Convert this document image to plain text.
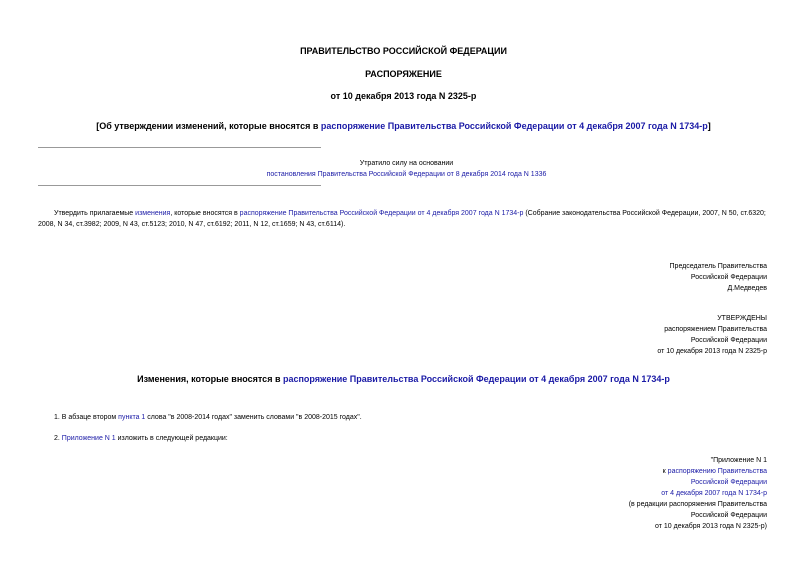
ПРАВИТЕЛЬСТВО РОССИЙСКОЙ ФЕДЕРАЦИИ
РАСПОРЯЖЕНИЕ
от 10 декабря 2013 года N 2325-р
[Об утверждении изменений, которые вносятся в распоряжение Правительства Российской Федерации от 4 декабря 2007 года N 1734-р]
Утратило силу на основании
постановления Правительства Российской Федерации от 8 декабря 2014 года N 1336
Утвердить прилагаемые изменения, которые вносятся в распоряжение Правительства Российской Федерации от 4 декабря 2007 года N 1734-р (Собрание законодательства Российской Федерации, 2007, N 50, ст.6320; 2008, N 34, ст.3982; 2009, N 43, ст.5123; 2010, N 47, ст.6192; 2011, N 12, ст.1659; N 43, ст.6114).
Председатель Правительства
Российской Федерации
Д.Медведев
УТВЕРЖДЕНЫ
распоряжением Правительства
Российской Федерации
от 10 декабря 2013 года N 2325-р
Изменения, которые вносятся в распоряжение Правительства Российской Федерации от 4 декабря 2007 года N 1734-р
1. В абзаце втором пункта 1 слова "в 2008-2014 годах" заменить словами "в 2008-2015 годах".
2. Приложение N 1 изложить в следующей редакции:
"Приложение N 1
к распоряжению Правительства
Российской Федерации
от 4 декабря 2007 года N 1734-р
(в редакции распоряжения Правительства
Российской Федерации
от 10 декабря 2013 года N 2325-р)
